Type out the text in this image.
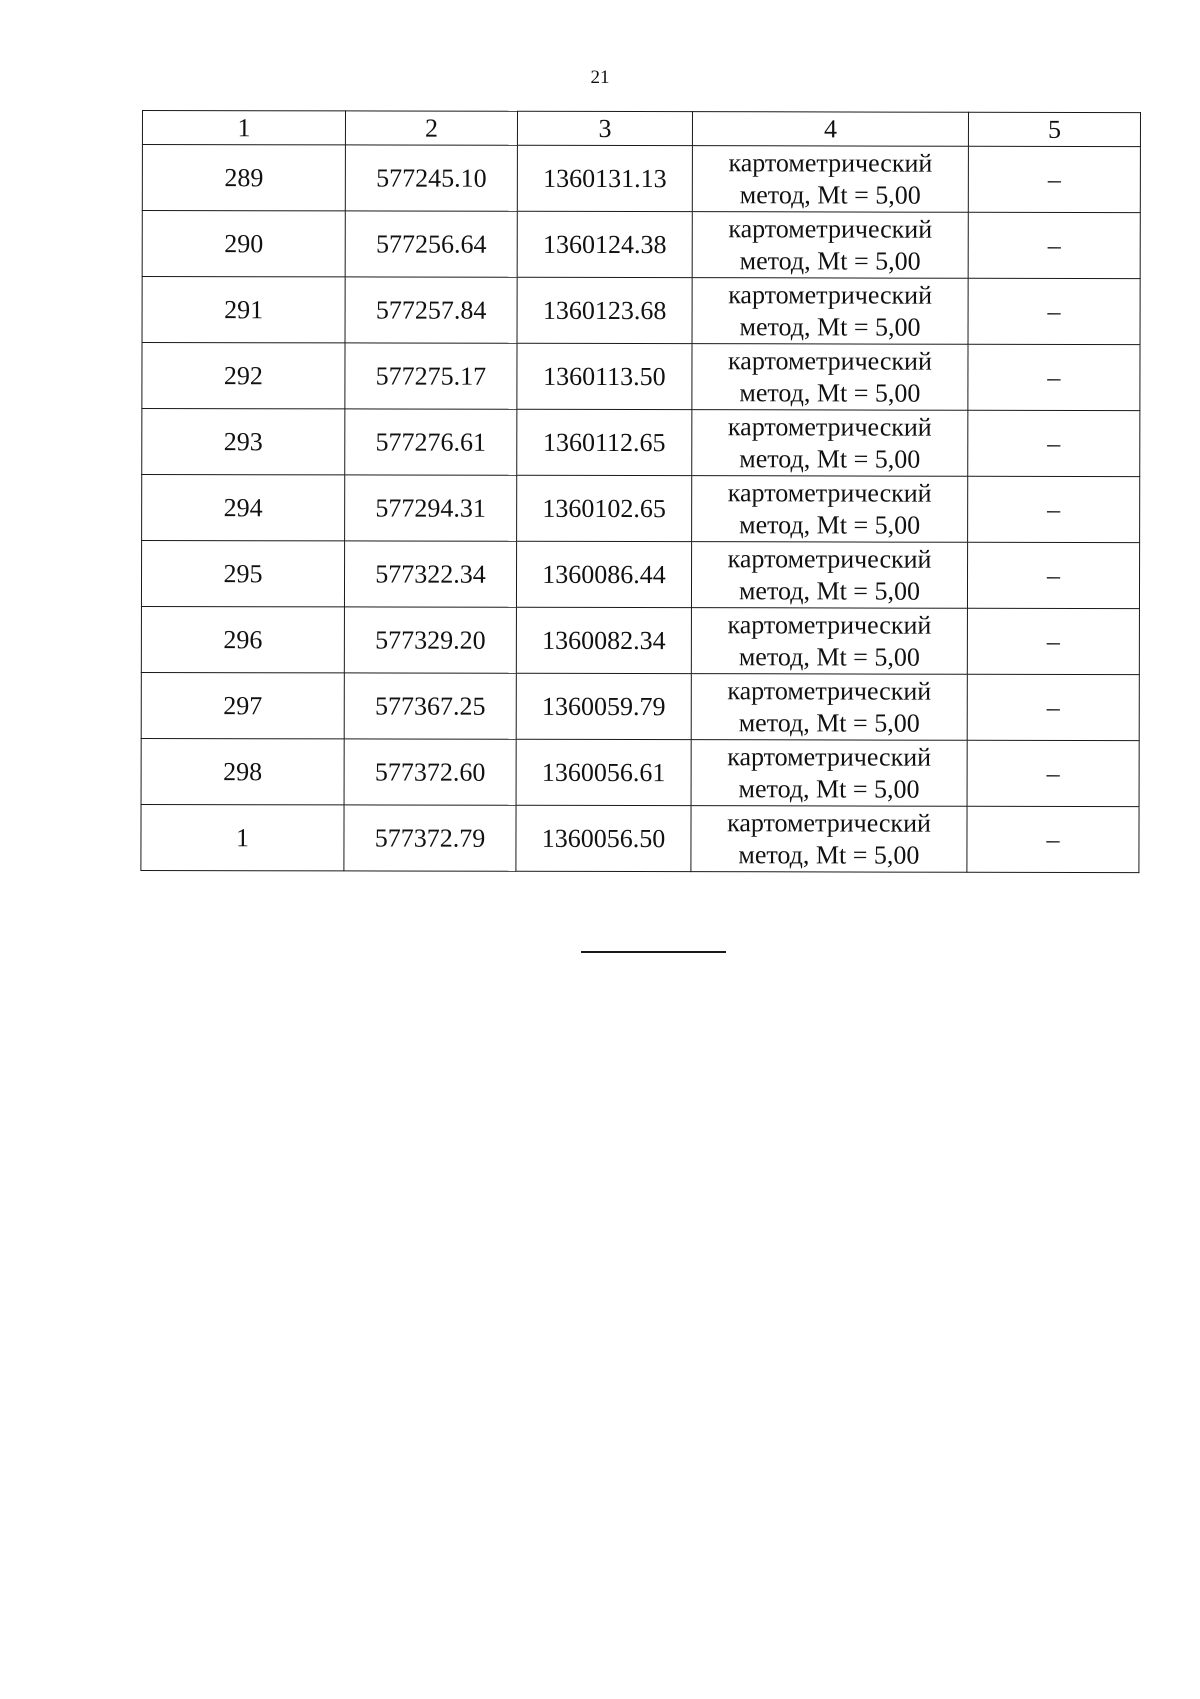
21
1	2	3	4	5
289	577245.10	1360131.13	картометрический
метод, Mt = 5,00	–
290	577256.64	1360124.38	картометрический
метод, Mt = 5,00	–
291	577257.84	1360123.68	картометрический
метод, Mt = 5,00	–
292	577275.17	1360113.50	картометрический
метод, Mt = 5,00	–
293	577276.61	1360112.65	картометрический
метод, Mt = 5,00	–
294	577294.31	1360102.65	картометрический
метод, Mt = 5,00	–
295	577322.34	1360086.44	картометрический
метод, Mt = 5,00	–
296	577329.20	1360082.34	картометрический
метод, Mt = 5,00	–
297	577367.25	1360059.79	картометрический
метод, Mt = 5,00	–
298	577372.60	1360056.61	картометрический
метод, Mt = 5,00	–
1	577372.79	1360056.50	картометрический
метод, Mt = 5,00	–
